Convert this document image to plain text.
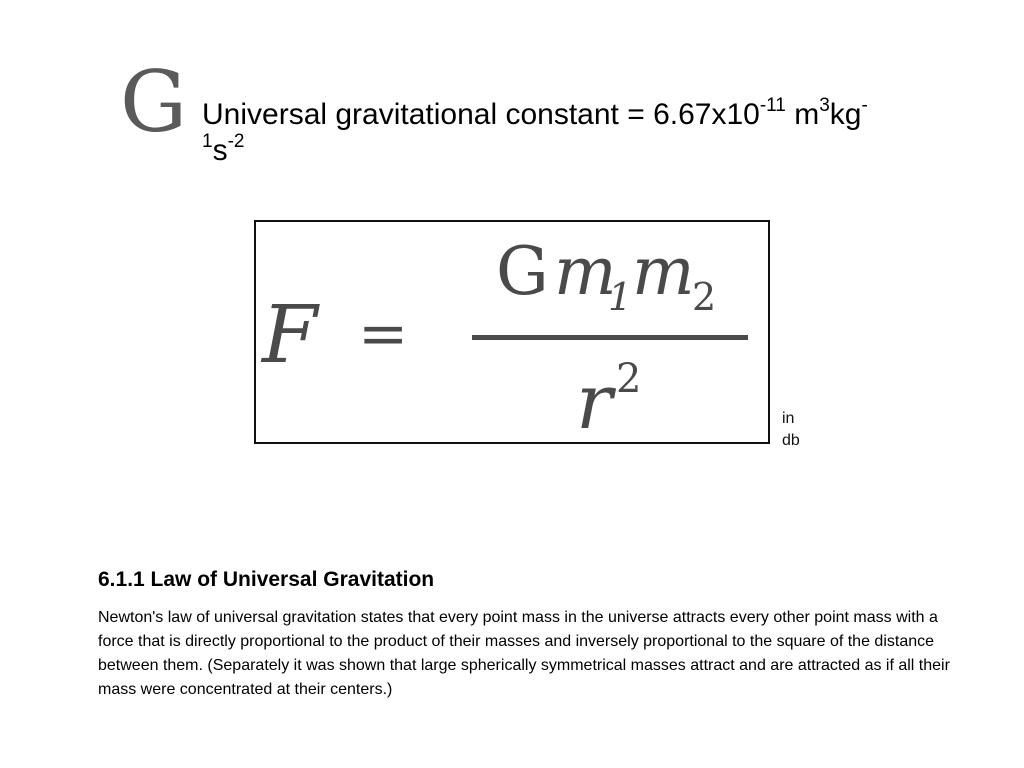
G Universal gravitational constant = $6.67x10^{-11}$ $m^3kg^-$
$^1s^{-2}$
F =
G m
1 m
2
r 2
in
db
6.1.1 Law of Universal Gravitation

Newton's law of universal gravitation states that every point mass in the universe attracts every other point mass with a force that is directly proportional to the product of their masses and inversely proportional to the square of the distance between them. (Separately it was shown that large spherically symmetrical masses attract and are attracted as if all their mass were concentrated at their centers.)
